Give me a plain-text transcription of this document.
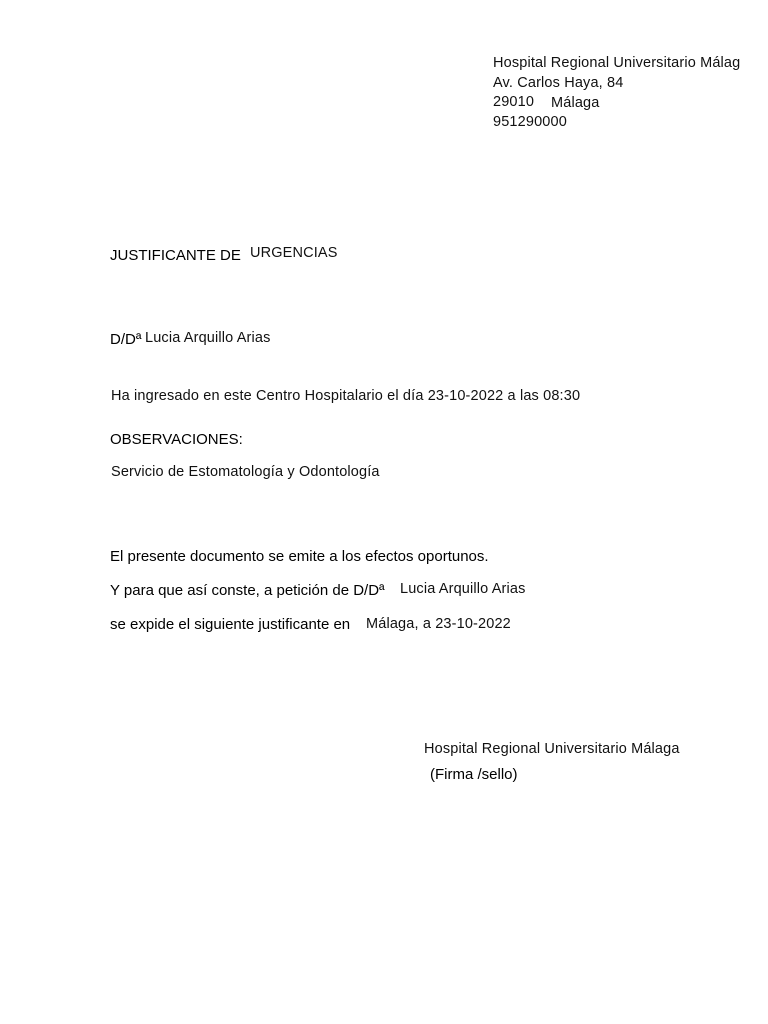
Hospital Regional Universitario Málag
Av. Carlos Haya, 84
29010 Málaga
951290000
JUSTIFICANTE DE URGENCIAS
D/Dª Lucia Arquillo Arias
Ha ingresado en este Centro Hospitalario el día 23-10-2022 a las 08:30
OBSERVACIONES:
Servicio de Estomatología y Odontología
El presente documento se emite a los efectos oportunos.
Y para que así conste, a petición de D/Dª Lucia Arquillo Arias
se expide el siguiente justificante en Málaga, a 23-10-2022
Hospital Regional Universitario Málaga
(Firma /sello)
